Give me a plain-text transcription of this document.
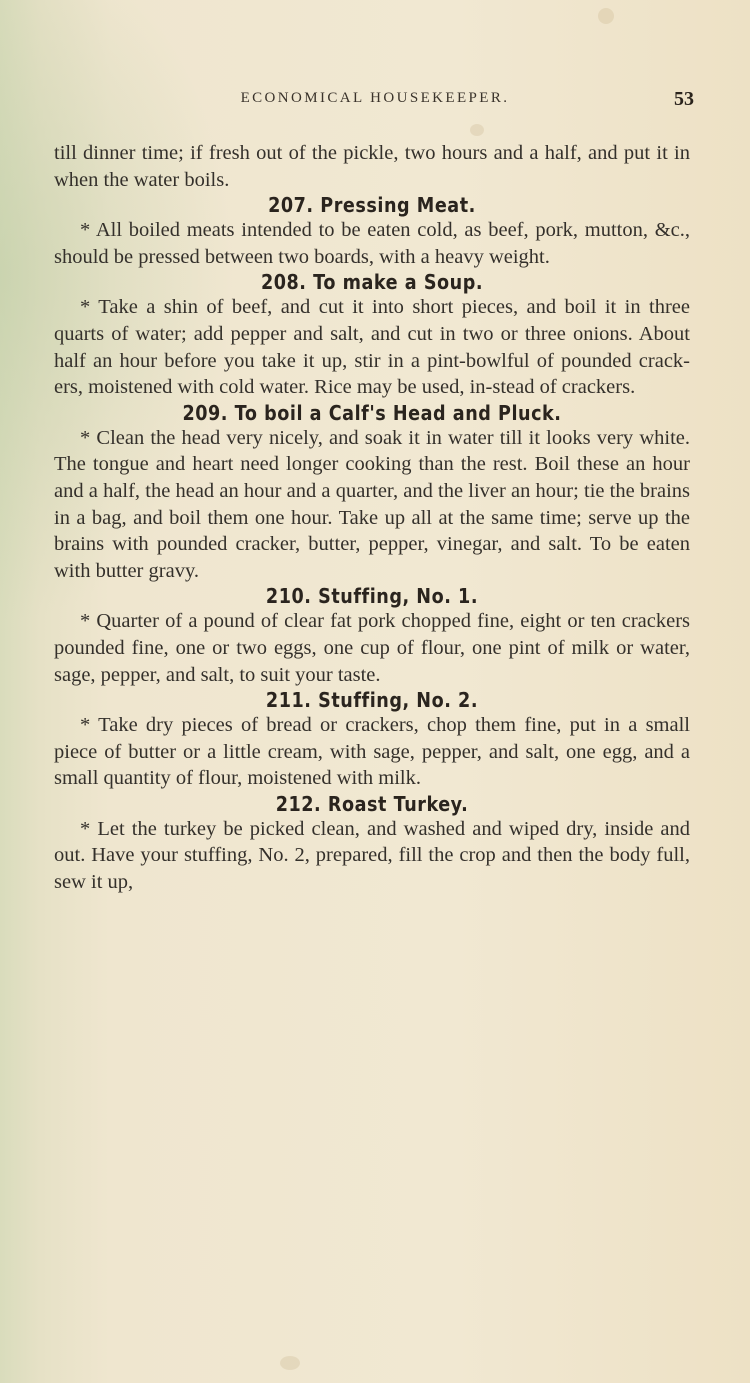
ECONOMICAL HOUSEKEEPER.	53

till dinner time; if fresh out of the pickle, two hours and a half, and put it in when the water boils.

207. Pressing Meat.

* All boiled meats intended to be eaten cold, as beef, pork, mutton, &c., should be pressed between two boards, with a heavy weight.

208. To make a Soup.

* Take a shin of beef, and cut it into short pieces, and boil it in three quarts of water; add pepper and salt, and cut in two or three onions. About half an hour before you take it up, stir in a pint-bowlful of pounded crack-ers, moistened with cold water. Rice may be used, in-stead of crackers.

209. To boil a Calf's Head and Pluck.

* Clean the head very nicely, and soak it in water till it looks very white. The tongue and heart need longer cooking than the rest. Boil these an hour and a half, the head an hour and a quarter, and the liver an hour; tie the brains in a bag, and boil them one hour. Take up all at the same time; serve up the brains with pounded cracker, butter, pepper, vinegar, and salt. To be eaten with butter gravy.

210. Stuffing, No. 1.

* Quarter of a pound of clear fat pork chopped fine, eight or ten crackers pounded fine, one or two eggs, one cup of flour, one pint of milk or water, sage, pepper, and salt, to suit your taste.

211. Stuffing, No. 2.

* Take dry pieces of bread or crackers, chop them fine, put in a small piece of butter or a little cream, with sage, pepper, and salt, one egg, and a small quantity of flour, moistened with milk.

212. Roast Turkey.

* Let the turkey be picked clean, and washed and wiped dry, inside and out. Have your stuffing, No. 2, prepared, fill the crop and then the body full, sew it up,
